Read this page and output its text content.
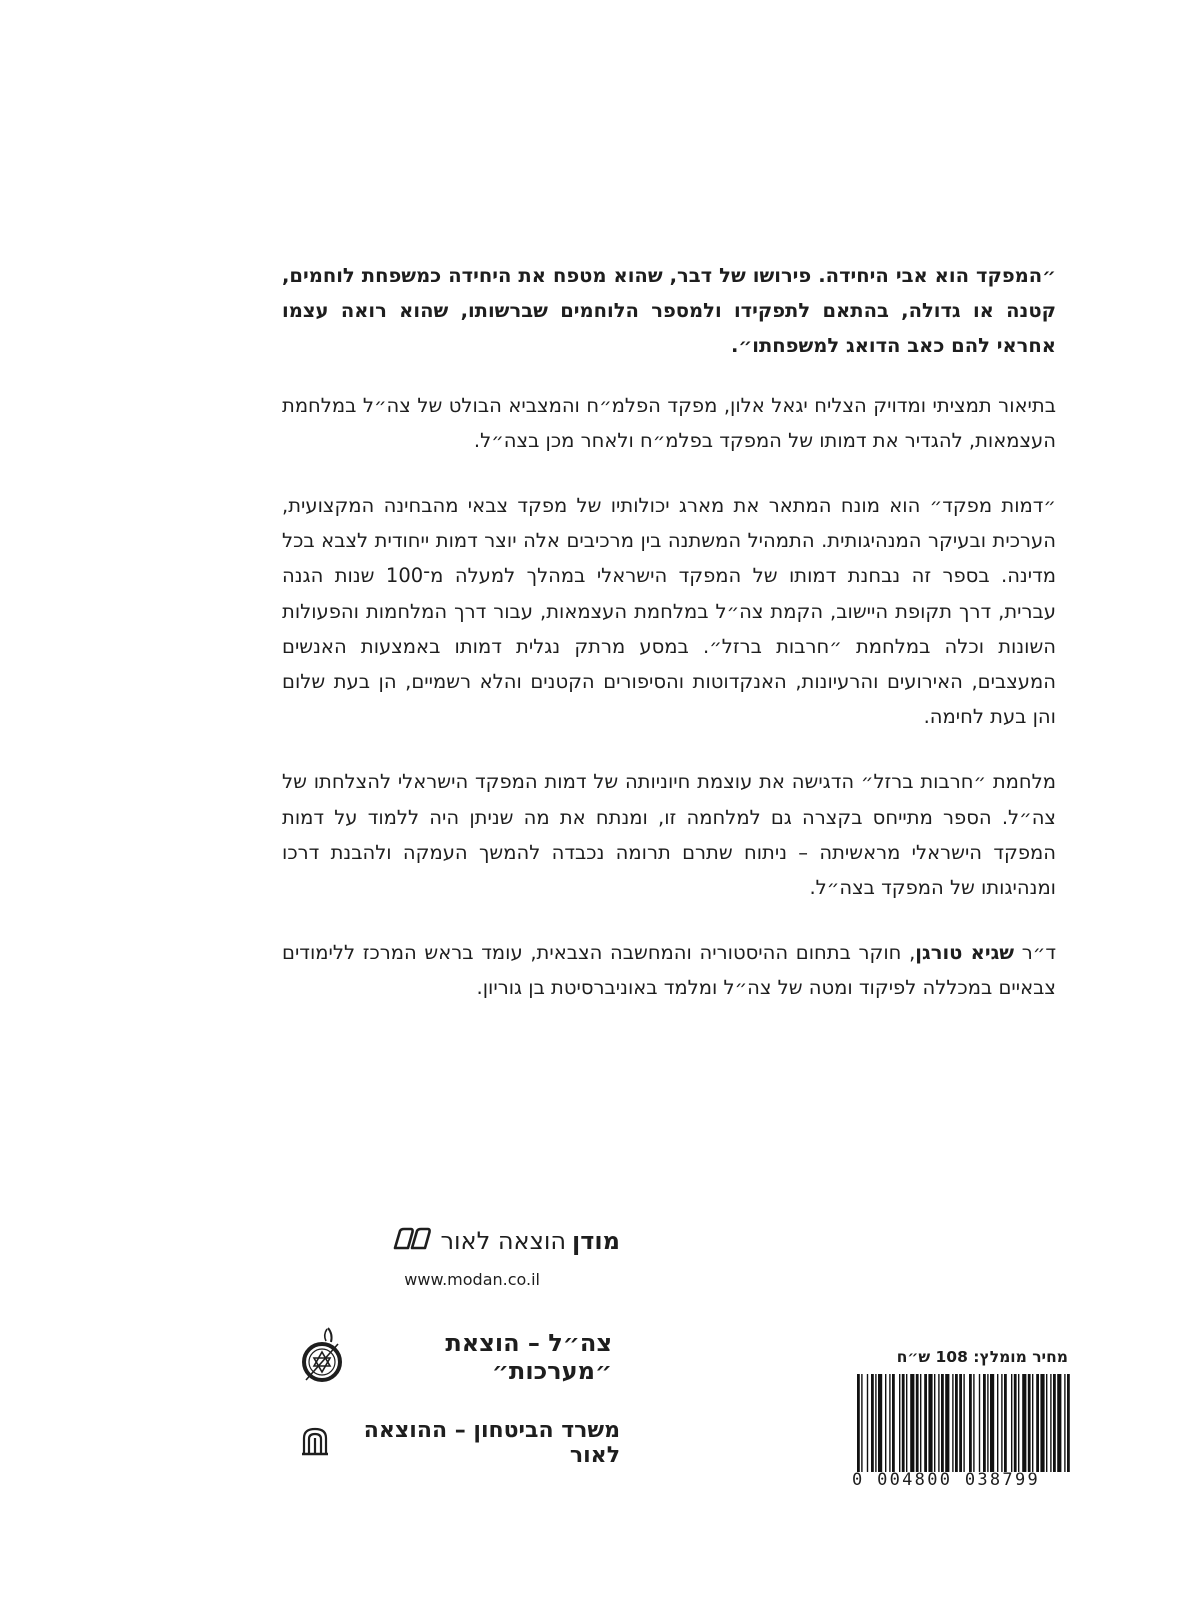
״המפקד הוא אבי היחידה. פירושו של דבר, שהוא מטפח את היחידה כמשפחת לוחמים, קטנה או גדולה, בהתאם לתפקידו ולמספר הלוחמים שברשותו, שהוא רואה עצמו אחראי להם כאב הדואג למשפחתו״.

בתיאור תמציתי ומדויק הצליח יגאל אלון, מפקד הפלמ״ח והמצביא הבולט של צה״ל במלחמת העצמאות, להגדיר את דמותו של המפקד בפלמ״ח ולאחר מכן בצה״ל.

״דמות מפקד״ הוא מונח המתאר את מארג יכולותיו של מפקד צבאי מהבחינה המקצועית, הערכית ובעיקר המנהיגותית. התמהיל המשתנה בין מרכיבים אלה יוצר דמות ייחודית לצבא בכל מדינה. בספר זה נבחנת דמותו של המפקד הישראלי במהלך למעלה מ־100 שנות הגנה עברית, דרך תקופת היישוב, הקמת צה״ל במלחמת העצמאות, עבור דרך המלחמות והפעולות השונות וכלה במלחמת ״חרבות ברזל״. במסע מרתק נגלית דמותו באמצעות האנשים המעצבים, האירועים והרעיונות, האנקדוטות והסיפורים הקטנים והלא רשמיים, הן בעת שלום והן בעת לחימה.

מלחמת ״חרבות ברזל״ הדגישה את עוצמת חיוניותה של דמות המפקד הישראלי להצלחתו של צה״ל. הספר מתייחס בקצרה גם למלחמה זו, ומנתח את מה שניתן היה ללמוד על דמות המפקד הישראלי מראשיתה – ניתוח שתרם תרומה נכבדה להמשך העמקה ולהבנת דרכו ומנהיגותו של המפקד בצה״ל.

ד״ר שגיא טורגן, חוקר בתחום ההיסטוריה והמחשבה הצבאית, עומד בראש המרכז ללימודים צבאיים במכללה לפיקוד ומטה של צה״ל ומלמד באוניברסיטת בן גוריון.

מודן
הוצאה לאור
www.modan.co.il
צה״ל – הוצאת ״מערכות״
משרד הביטחון – ההוצאה לאור
מחיר מומלץ: 108 ש״ח
0 004800 038799
